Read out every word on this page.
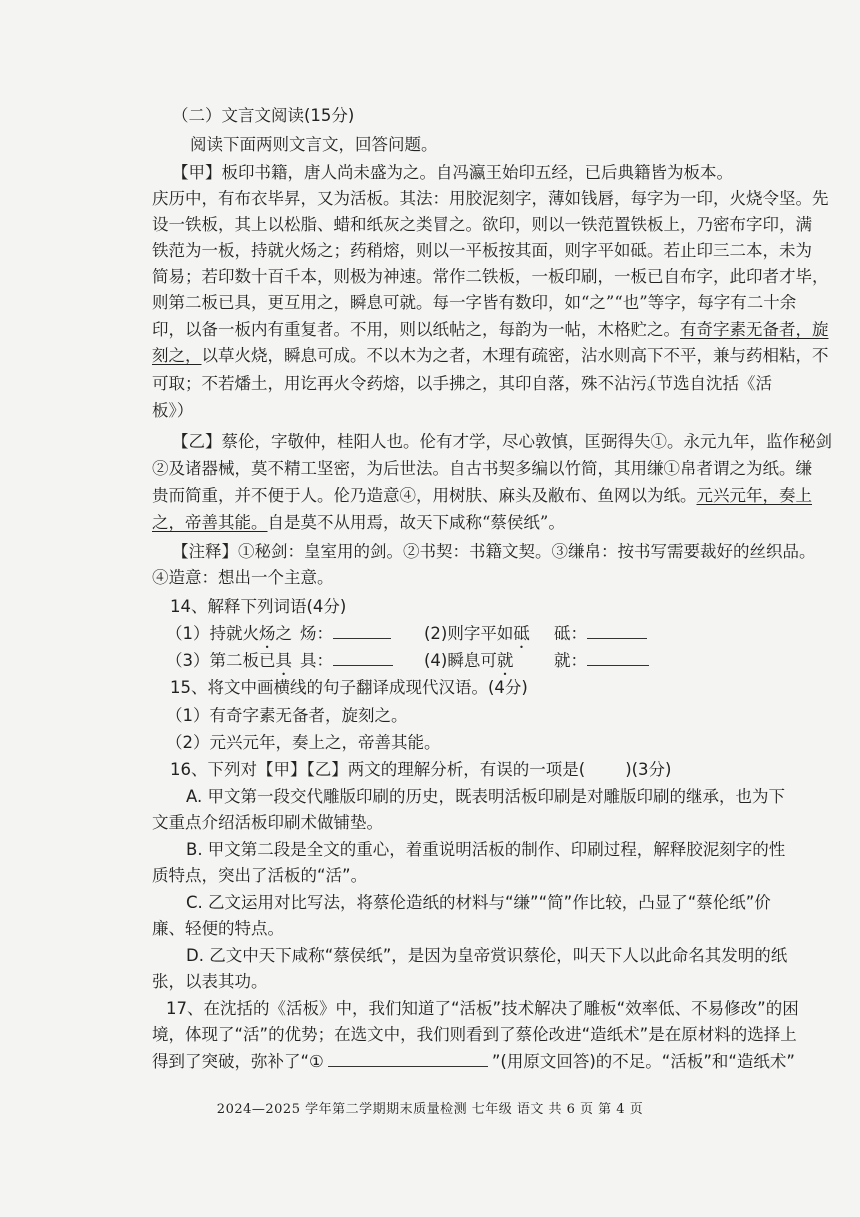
（二）文言文阅读(15分)
阅读下面两则文言文，回答问题。
【甲】板印书籍，唐人尚未盛为之。自冯瀛王始印五经，已后典籍皆为板本。
庆历中，有布衣毕昇，又为活板。其法：用胶泥刻字，薄如钱唇，每字为一印，火烧令坚。先
设一铁板，其上以松脂、蜡和纸灰之类冒之。欲印，则以一铁范置铁板上，乃密布字印，满
铁范为一板，持就火炀之；药稍熔，则以一平板按其面，则字平如砥。若止印三二本，未为
简易；若印数十百千本，则极为神速。常作二铁板，一板印刷，一板已自布字，此印者才毕，
则第二板已具，更互用之，瞬息可就。每一字皆有数印，如“之”“也”等字，每字有二十余
印，以备一板内有重复者。不用，则以纸帖之，每韵为一帖，木格贮之。有奇字素无备者，旋
刻之，以草火烧，瞬息可成。不以木为之者，木理有疏密，沾水则高下不平，兼与药相粘，不
可取；不若燔土，用讫再火令药熔，以手拂之，其印自落，殊不沾污。
（节选自沈括《活
板》）
【乙】蔡伦，字敬仲，桂阳人也。伦有才学，尽心敦慎，匡弼得失①。永元九年，监作秘剑
②及诸器械，莫不精工坚密，为后世法。自古书契多编以竹简，其用缣①帛者谓之为纸。缣
贵而简重，并不便于人。伦乃造意④，用树肤、麻头及敝布、鱼网以为纸。元兴元年，奏上
之，帝善其能。自是莫不从用焉，故天下咸称“蔡侯纸”。
【注释】①秘剑：皇室用的剑。②书契：书籍文契。③缣帛：按书写需要裁好的丝织品。
④造意：想出一个主意。
14、解释下列词语(4分)
（1）持就火炀之 炀：	(2)则字平如砥 砥：
（3）第二板已具 具：	(4)瞬息可就 就：
15、将文中画横线的句子翻译成现代汉语。(4分)
（1）有奇字素无备者，旋刻之。
（2）元兴元年，奏上之，帝善其能。
16、下列对【甲】【乙】两文的理解分析，有误的一项是( )(3分)
A. 甲文第一段交代雕版印刷的历史，既表明活板印刷是对雕版印刷的继承，也为下
文重点介绍活板印刷术做铺垫。
B. 甲文第二段是全文的重心，着重说明活板的制作、印刷过程，解释胶泥刻字的性
质特点，突出了活板的“活”。
C. 乙文运用对比写法，将蔡伦造纸的材料与“缣”“简”作比较，凸显了“蔡伦纸”价
廉、轻便的特点。
D. 乙文中天下咸称“蔡侯纸”，是因为皇帝赏识蔡伦，叫天下人以此命名其发明的纸
张，以表其功。
17、在沈括的《活板》中，我们知道了“活板”技术解决了雕板“效率低、不易修改”的困
境，体现了“活”的优势；在选文中，我们则看到了蔡伦改进“造纸术”是在原材料的选择上
得到了突破，弥补了“①	”(用原文回答)的不足。“活板”和“造纸术”
2024—2025 学年第二学期期末质量检测 七年级 语文 共 6 页 第 4 页
